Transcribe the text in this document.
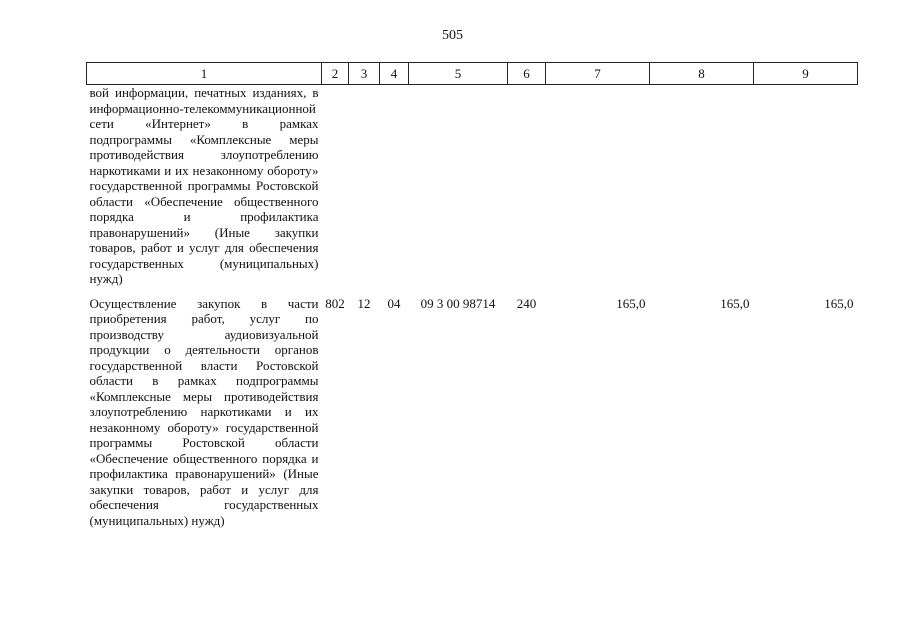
505
1	2	3	4	5	6	7	8	9
вой информации, печатных изданиях, в информационно-телекоммуникационной сети «Интернет» в рамках подпрограммы «Комплексные меры противодействия злоупотреблению наркотиками и их незаконному обороту» государственной программы Ростовской области «Обеспечение общественного порядка и профилактика правонарушений» (Иные закупки товаров, работ и услуг для обеспечения государственных (муниципальных) нужд)								
Осуществление закупок в части приобретения работ, услуг по производству аудиовизуальной продукции о деятельности органов государственной власти Ростовской области в рамках подпрограммы «Комплексные меры противодействия злоупотреблению наркотиками и их незаконному обороту» государственной программы Ростовской области «Обеспечение общественного порядка и профилактика правонарушений» (Иные закупки товаров, работ и услуг для обеспечения государственных (муниципальных) нужд)	802	12	04	09 3 00 98714	240	165,0	165,0	165,0
